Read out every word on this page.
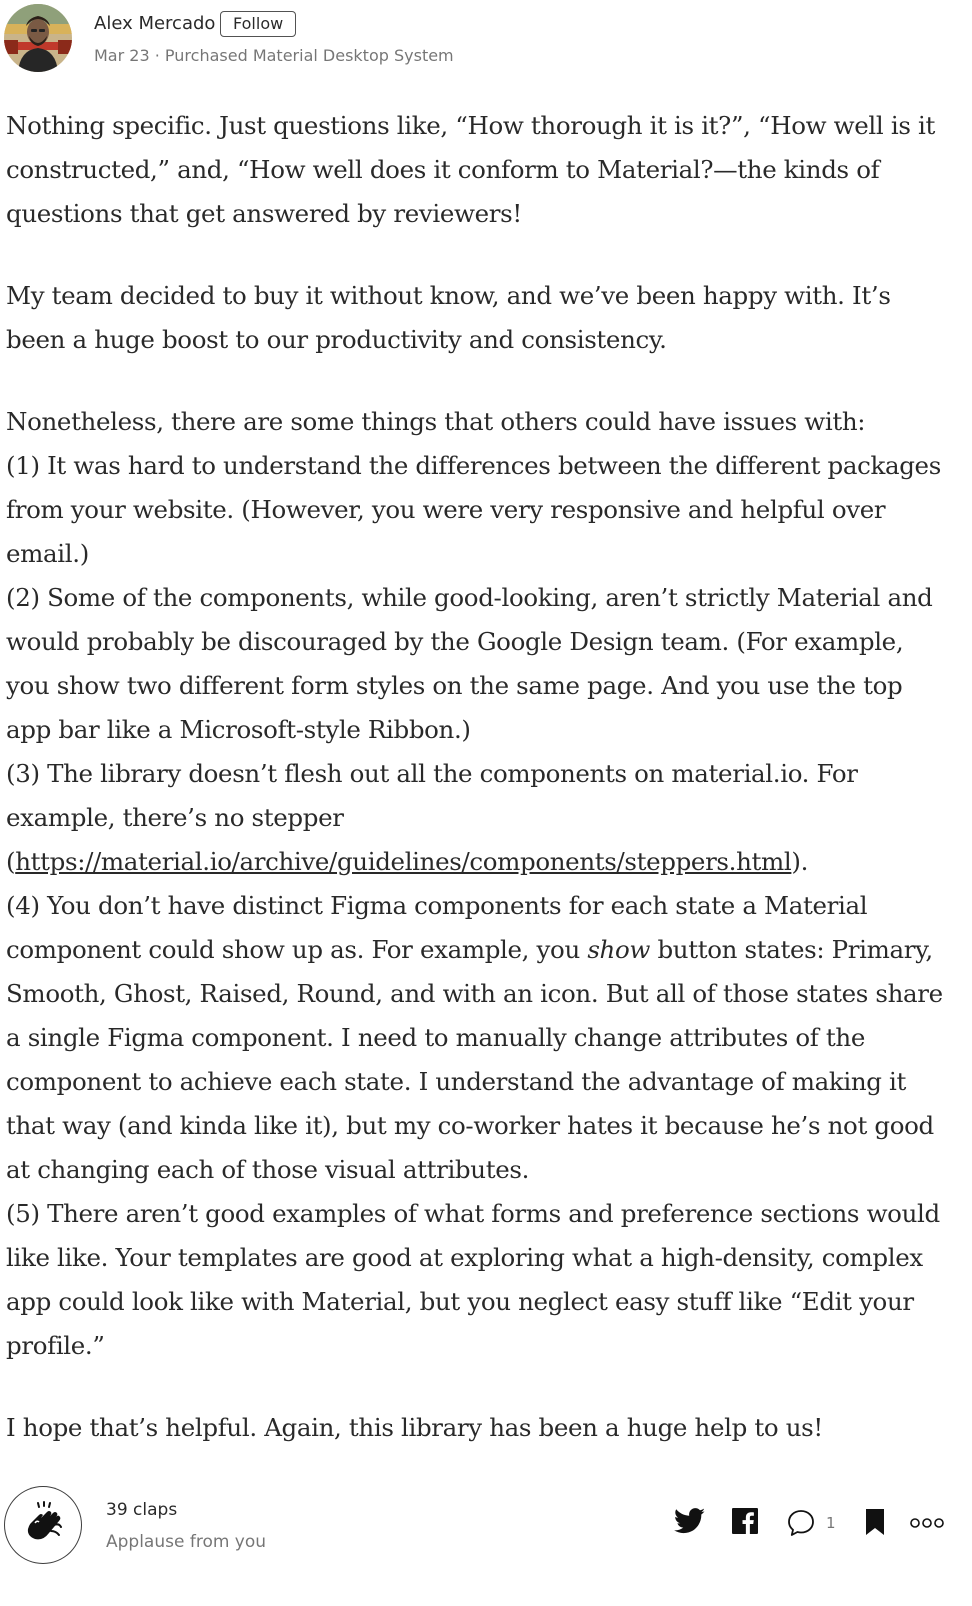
Alex Mercado	Follow
Mar 23 · Purchased Material Desktop System

Nothing specific. Just questions like, “How thorough it is it?”, “How well is it constructed,” and, “How well does it conform to Material?—the kinds of questions that get answered by reviewers!

My team decided to buy it without know, and we’ve been happy with. It’s been a huge boost to our productivity and consistency.

Nonetheless, there are some things that others could have issues with:

(1) It was hard to understand the differences between the different packages from your website. (However, you were very responsive and helpful over email.)

(2) Some of the components, while good-looking, aren’t strictly Material and would probably be discouraged by the Google Design team. (For example, you show two different form styles on the same page. And you use the top app bar like a Microsoft-style Ribbon.)

(3) The library doesn’t flesh out all the components on material.io. For example, there’s no stepper (https://material.io/archive/guidelines/components/steppers.html).

(4) You don’t have distinct Figma components for each state a Material component could show up as. For example, you show button states: Primary, Smooth, Ghost, Raised, Round, and with an icon. But all of those states share a single Figma component. I need to manually change attributes of the component to achieve each state. I understand the advantage of making it that way (and kinda like it), but my co-worker hates it because he’s not good at changing each of those visual attributes.

(5) There aren’t good examples of what forms and preference sections would like like. Your templates are good at exploring what a high-density, complex app could look like with Material, but you neglect easy stuff like “Edit your profile.”

I hope that’s helpful. Again, this library has been a huge help to us!

39 claps
Applause from you
1
